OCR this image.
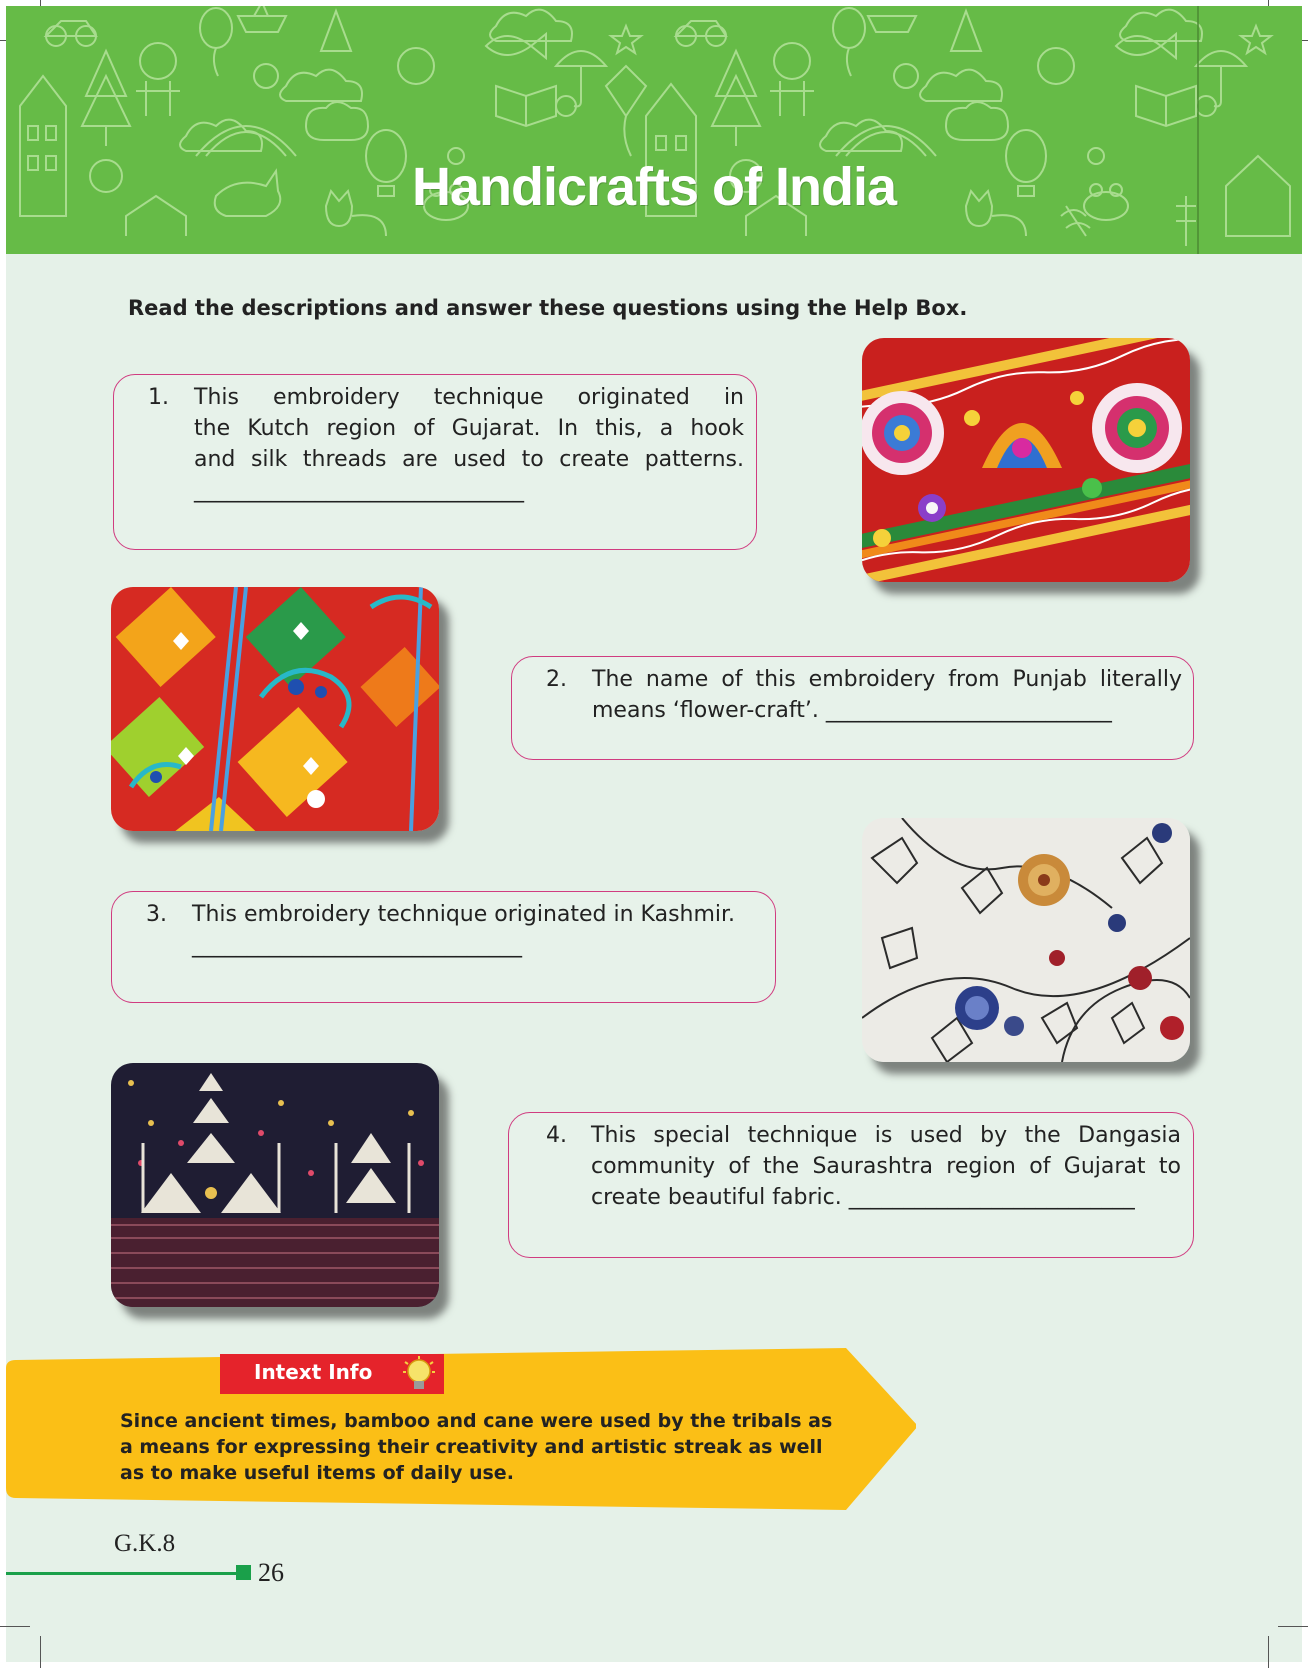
Handicrafts of India
Read the descriptions and answer these questions using the Help Box.
1. This embroidery technique originated in
the Kutch region of Gujarat. In this, a hook
and silk threads are used to create patterns.
______________________________
2. The name of this embroidery from Punjab literally
means ‘flower-craft’. __________________________
3. This embroidery technique originated in Kashmir.
______________________________
4. This special technique is used by the Dangasia
community of the Saurashtra region of Gujarat to
create beautiful fabric. __________________________
Intext Info
Since ancient times, bamboo and cane were used by the tribals as a means for expressing their creativity and artistic streak as well as to make useful items of daily use.
G.K.8
26
